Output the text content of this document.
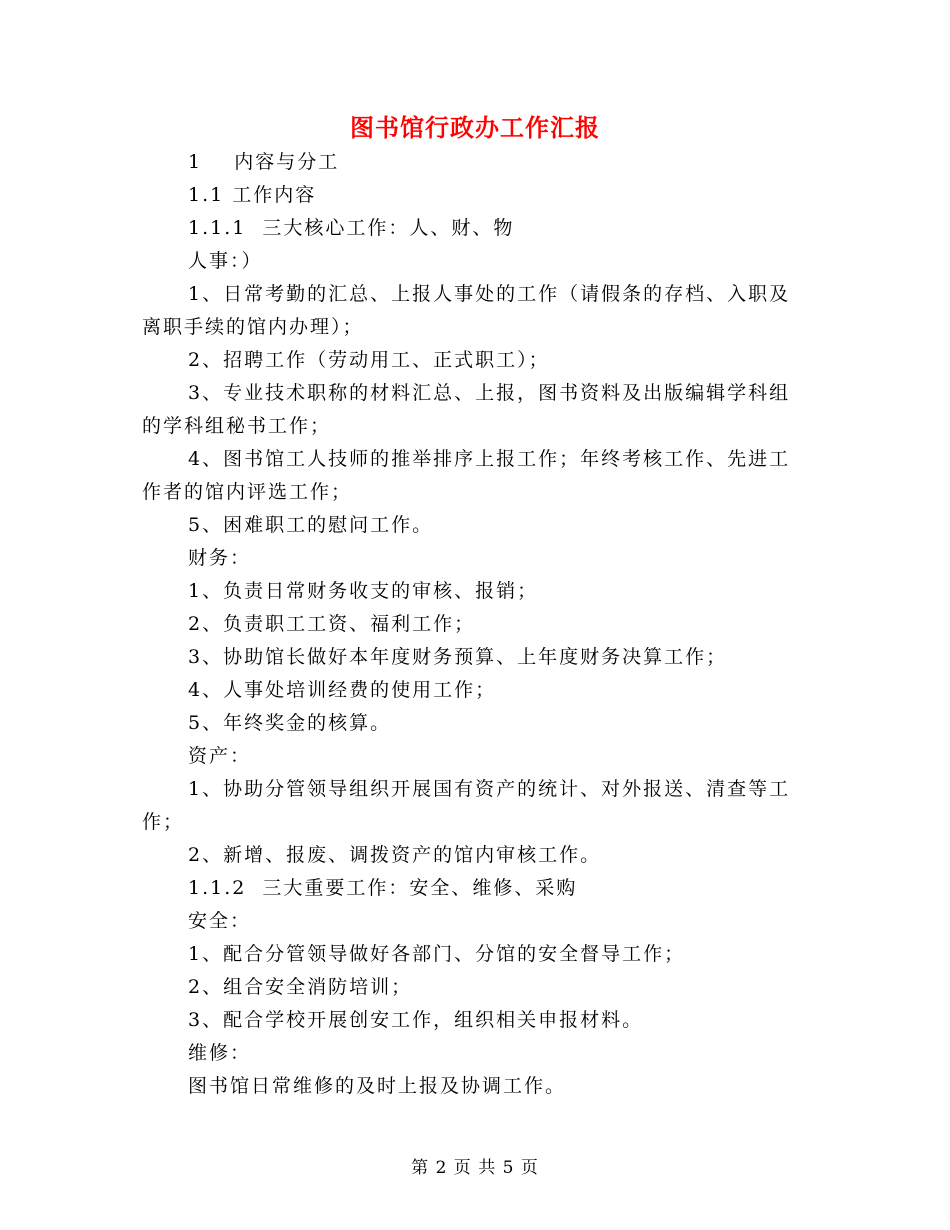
图书馆行政办工作汇报

1    内容与分工

1.1 工作内容

1.1.1  三大核心工作：人、财、物

人事：）

1、日常考勤的汇总、上报人事处的工作（请假条的存档、入职及

离职手续的馆内办理）；

2、招聘工作（劳动用工、正式职工）；

3、专业技术职称的材料汇总、上报，图书资料及出版编辑学科组

的学科组秘书工作；

4、图书馆工人技师的推举排序上报工作；年终考核工作、先进工

作者的馆内评选工作；

5、困难职工的慰问工作。

财务：

1、负责日常财务收支的审核、报销；

2、负责职工工资、福利工作；

3、协助馆长做好本年度财务预算、上年度财务决算工作；

4、人事处培训经费的使用工作；

5、年终奖金的核算。

资产：

1、协助分管领导组织开展国有资产的统计、对外报送、清查等工

作；

2、新增、报废、调拨资产的馆内审核工作。

1.1.2  三大重要工作：安全、维修、采购

安全：

1、配合分管领导做好各部门、分馆的安全督导工作；

2、组合安全消防培训；

3、配合学校开展创安工作，组织相关申报材料。

维修：

图书馆日常维修的及时上报及协调工作。

第 2 页 共 5 页
